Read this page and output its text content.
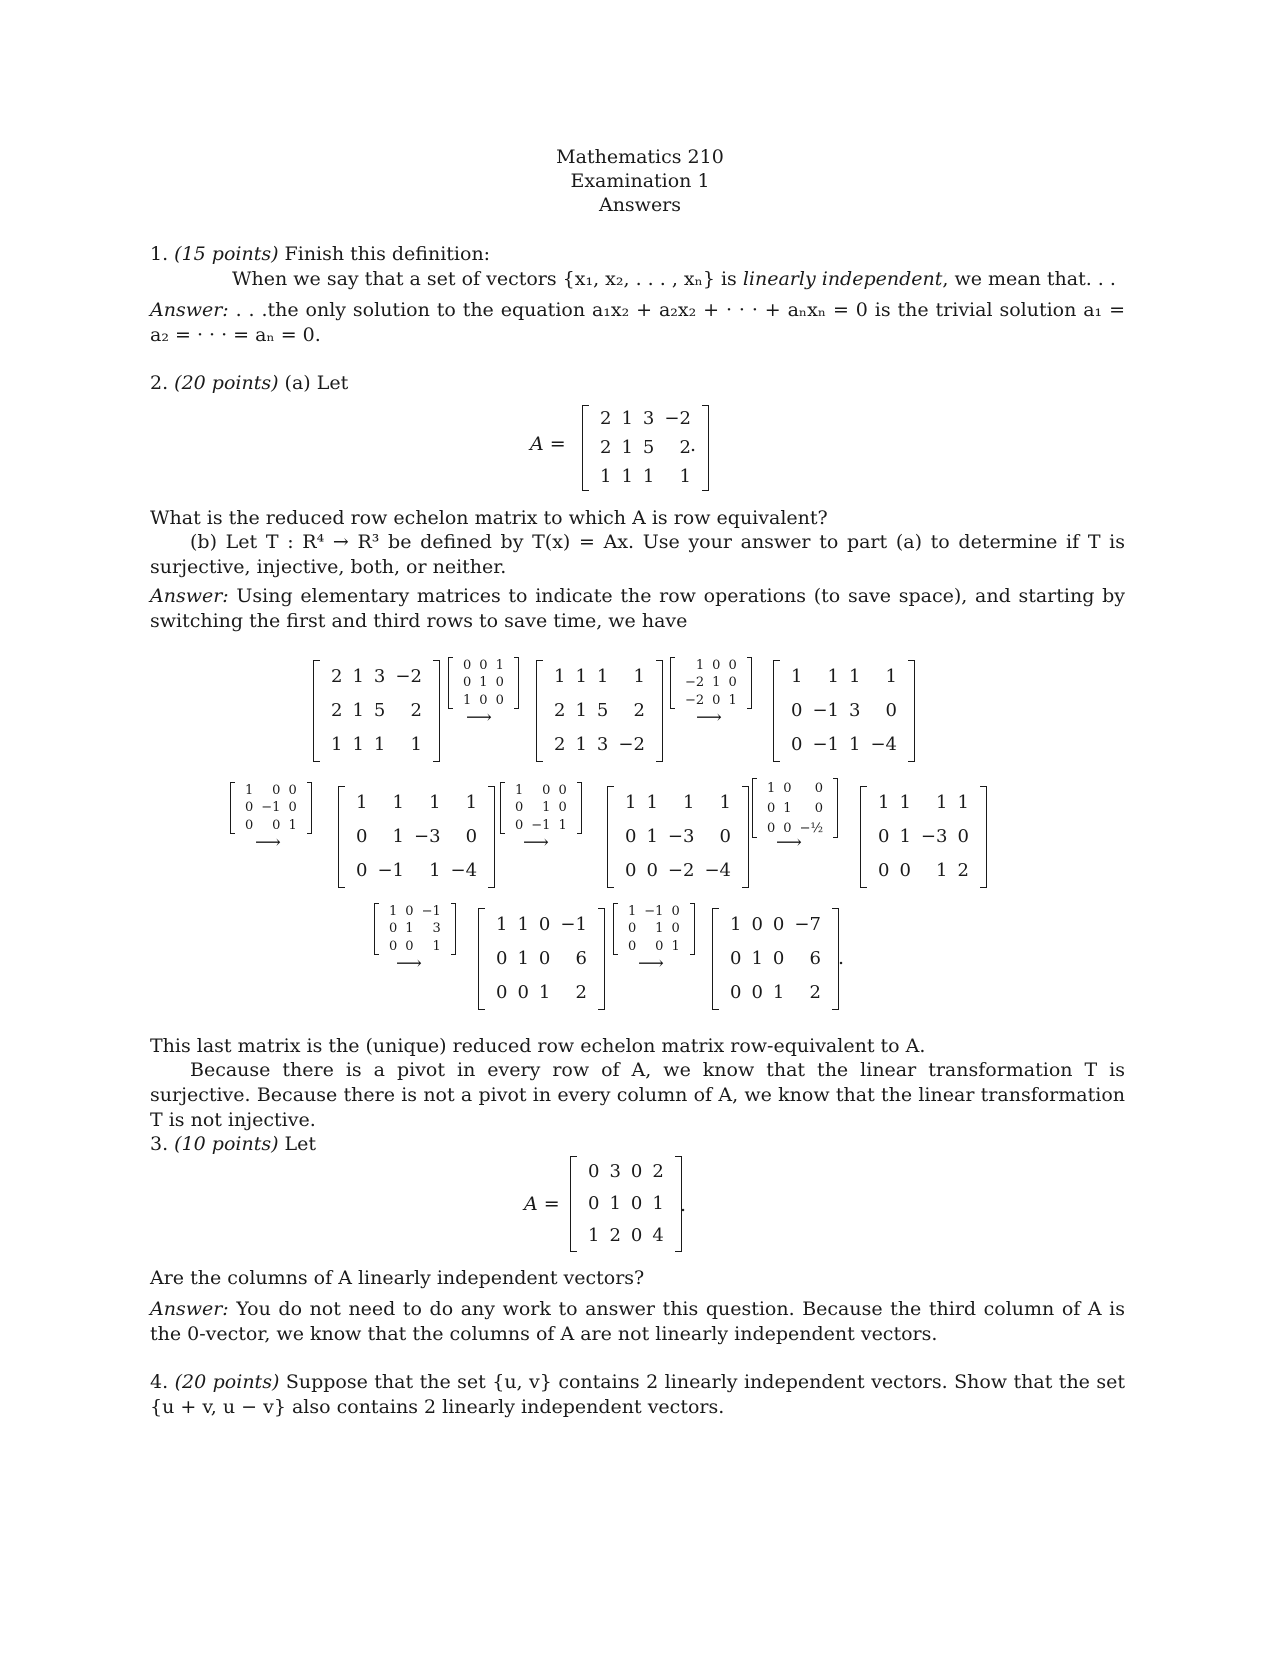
Mathematics 210
Examination 1
Answers
1. (15 points) Finish this definition:
When we say that a set of vectors {x₁, x₂, . . . , xₙ} is linearly independent, we mean that. . .
Answer: . . .the only solution to the equation a₁x₂ + a₂x₂ + · · · + aₙxₙ = 0 is the trivial solution a₁ = a₂ = · · · = aₙ = 0.
2. (20 points) (a) Let
A =
2 1 3 −2
2 1 5	2
1 1 1	1
.
What is the reduced row echelon matrix to which A is row equivalent?
(b) Let T : R⁴ → R³ be defined by T(x) = Ax. Use your answer to part (a) to determine if T is surjective, injective, both, or neither.
Answer: Using elementary matrices to indicate the row operations (to save space), and starting by switching the first and third rows to save time, we have
2 1 3 −2
2 1 5	2
1 1 1	1
0 0 1
0 1 0
1 0 0
⟶
1 1 1	1
2 1 5	2
2 1 3 −2
1 0 0
−2 1 0
−2 0 1
⟶
1	1 1	1
0 −1 3	0
0 −1 1 −4
1	0 0
0 −1 0
0	0 1
⟶
1	1	1	1
0	1 −3	0
0 −1	1 −4
1	0 0
0	1 0
0 −1 1
⟶
1 1	1	1
0 1 −3	0
0 0 −2 −4
1 0	0
0 1	0
0 0 −½
⟶
1 1	1 1
0 1 −3 0
0 0	1 2
1 0 −1
0 1	3
0 0	1
⟶
1 1 0 −1
0 1 0	6
0 0 1	2
1 −1 0
0	1 0
0	0 1
⟶
1 0 0 −7
0 1 0	6
0 0 1	2
.
This last matrix is the (unique) reduced row echelon matrix row-equivalent to A.
Because there is a pivot in every row of A, we know that the linear transformation T is surjective. Because there is not a pivot in every column of A, we know that the linear transformation T is not injective.
3. (10 points) Let
A =
0 3 0 2
0 1 0 1
1 2 0 4
.
Are the columns of A linearly independent vectors?
Answer: You do not need to do any work to answer this question. Because the third column of A is the 0-vector, we know that the columns of A are not linearly independent vectors.
4. (20 points) Suppose that the set {u, v} contains 2 linearly independent vectors. Show that the set {u + v, u − v} also contains 2 linearly independent vectors.
